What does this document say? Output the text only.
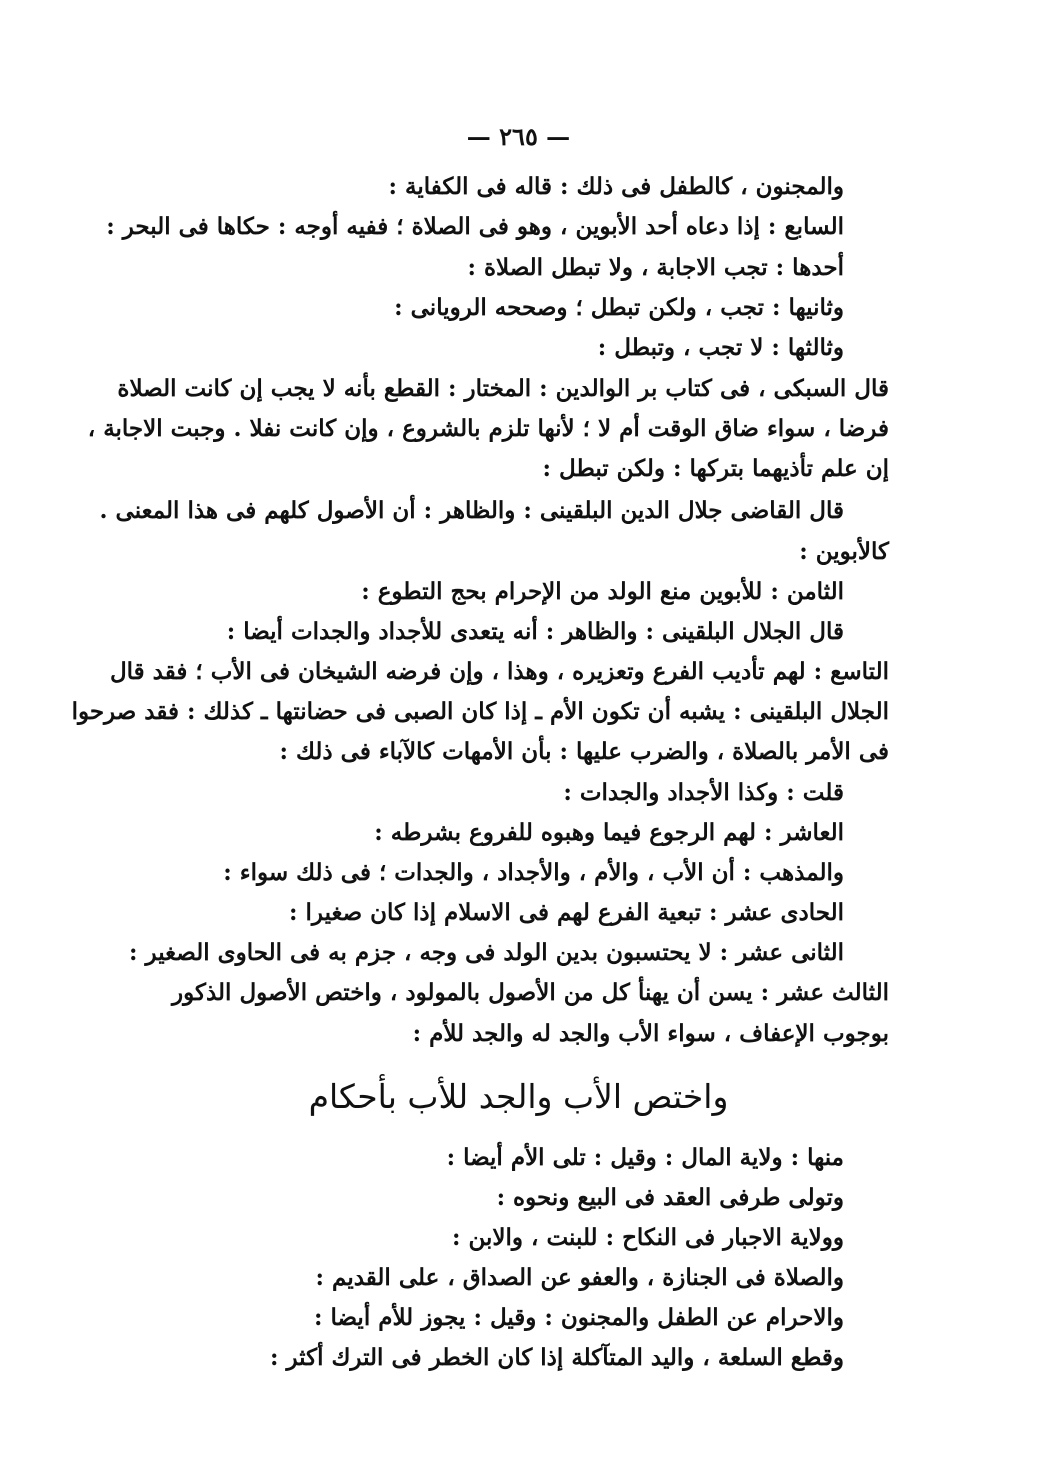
— ٢٦٥ —
والمجنون ، كالطفل فى ذلك : قاله فى الكفاية :
السابع : إذا دعاه أحد الأبوين ، وهو فى الصلاة ؛ ففيه أوجه : حكاها فى البحر :
أحدها : تجب الاجابة ، ولا تبطل الصلاة :
وثانيها : تجب ، ولكن تبطل ؛ وصححه الرويانى :
وثالثها : لا تجب ، وتبطل :
قال السبكى ، فى كتاب بر الوالدين : المختار : القطع بأنه لا يجب إن كانت الصلاة
فرضا ، سواء ضاق الوقت أم لا ؛ لأنها تلزم بالشروع ، وإن كانت نفلا . وجبت الاجابة ،
إن علم تأذيهما بتركها : ولكن تبطل :
قال القاضى جلال الدين البلقينى : والظاهر : أن الأصول كلهم فى هذا المعنى .
كالأبوين :
الثامن : للأبوين منع الولد من الإحرام بحج التطوع :
قال الجلال البلقينى : والظاهر : أنه يتعدى للأجداد والجدات أيضا :
التاسع : لهم تأديب الفرع وتعزيره ، وهذا ، وإن فرضه الشيخان فى الأب ؛ فقد قال
الجلال البلقينى : يشبه أن تكون الأم ـ إذا كان الصبى فى حضانتها ـ كذلك : فقد صرحوا
فى الأمر بالصلاة ، والضرب عليها : بأن الأمهات كالآباء فى ذلك :
قلت : وكذا الأجداد والجدات :
العاشر : لهم الرجوع فيما وهبوه للفروع بشرطه :
والمذهب : أن الأب ، والأم ، والأجداد ، والجدات ؛ فى ذلك سواء :
الحادى عشر : تبعية الفرع لهم فى الاسلام إذا كان صغيرا :
الثانى عشر : لا يحتسبون بدين الولد فى وجه ، جزم به فى الحاوى الصغير :
الثالث عشر : يسن أن يهنأ كل من الأصول بالمولود ، واختص الأصول الذكور
بوجوب الإعفاف ، سواء الأب والجد له والجد للأم :
واختص الأب والجد للأب بأحكام
منها : ولاية المال : وقيل : تلى الأم أيضا :
وتولى طرفى العقد فى البيع ونحوه :
وولاية الاجبار فى النكاح : للبنت ، والابن :
والصلاة فى الجنازة ، والعفو عن الصداق ، على القديم :
والاحرام عن الطفل والمجنون : وقيل : يجوز للأم أيضا :
وقطع السلعة ، واليد المتآكلة إذا كان الخطر فى الترك أكثر :
